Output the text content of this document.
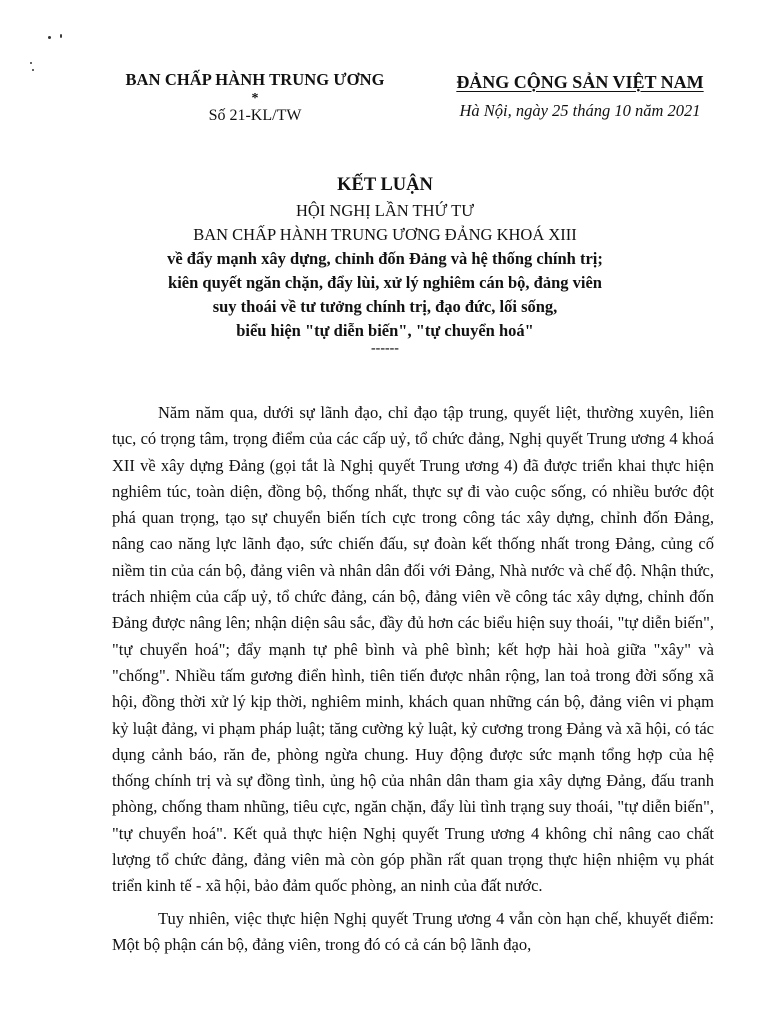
BAN CHẤP HÀNH TRUNG ƯƠNG
*
Số 21-KL/TW
ĐẢNG CỘNG SẢN VIỆT NAM
Hà Nội, ngày 25 tháng 10 năm 2021
KẾT LUẬN
HỘI NGHỊ LẦN THỨ TƯ
BAN CHẤP HÀNH TRUNG ƯƠNG ĐẢNG KHOÁ XIII
về đẩy mạnh xây dựng, chỉnh đốn Đảng và hệ thống chính trị;
kiên quyết ngăn chặn, đẩy lùi, xử lý nghiêm cán bộ, đảng viên
suy thoái về tư tưởng chính trị, đạo đức, lối sống,
biểu hiện "tự diễn biến", "tự chuyển hoá"
------

Năm năm qua, dưới sự lãnh đạo, chỉ đạo tập trung, quyết liệt, thường xuyên, liên tục, có trọng tâm, trọng điểm của các cấp uỷ, tổ chức đảng, Nghị quyết Trung ương 4 khoá XII về xây dựng Đảng (gọi tắt là Nghị quyết Trung ương 4) đã được triển khai thực hiện nghiêm túc, toàn diện, đồng bộ, thống nhất, thực sự đi vào cuộc sống, có nhiều bước đột phá quan trọng, tạo sự chuyển biến tích cực trong công tác xây dựng, chỉnh đốn Đảng, nâng cao năng lực lãnh đạo, sức chiến đấu, sự đoàn kết thống nhất trong Đảng, củng cố niềm tin của cán bộ, đảng viên và nhân dân đối với Đảng, Nhà nước và chế độ. Nhận thức, trách nhiệm của cấp uỷ, tổ chức đảng, cán bộ, đảng viên về công tác xây dựng, chỉnh đốn Đảng được nâng lên; nhận diện sâu sắc, đầy đủ hơn các biểu hiện suy thoái, "tự diễn biến", "tự chuyển hoá"; đẩy mạnh tự phê bình và phê bình; kết hợp hài hoà giữa "xây" và "chống". Nhiều tấm gương điển hình, tiên tiến được nhân rộng, lan toả trong đời sống xã hội, đồng thời xử lý kịp thời, nghiêm minh, khách quan những cán bộ, đảng viên vi phạm kỷ luật đảng, vi phạm pháp luật; tăng cường kỷ luật, kỷ cương trong Đảng và xã hội, có tác dụng cảnh báo, răn đe, phòng ngừa chung. Huy động được sức mạnh tổng hợp của hệ thống chính trị và sự đồng tình, ủng hộ của nhân dân tham gia xây dựng Đảng, đấu tranh phòng, chống tham nhũng, tiêu cực, ngăn chặn, đẩy lùi tình trạng suy thoái, "tự diễn biến", "tự chuyển hoá". Kết quả thực hiện Nghị quyết Trung ương 4 không chỉ nâng cao chất lượng tổ chức đảng, đảng viên mà còn góp phần rất quan trọng thực hiện nhiệm vụ phát triển kinh tế - xã hội, bảo đảm quốc phòng, an ninh của đất nước.

Tuy nhiên, việc thực hiện Nghị quyết Trung ương 4 vẫn còn hạn chế, khuyết điểm: Một bộ phận cán bộ, đảng viên, trong đó có cả cán bộ lãnh đạo,
